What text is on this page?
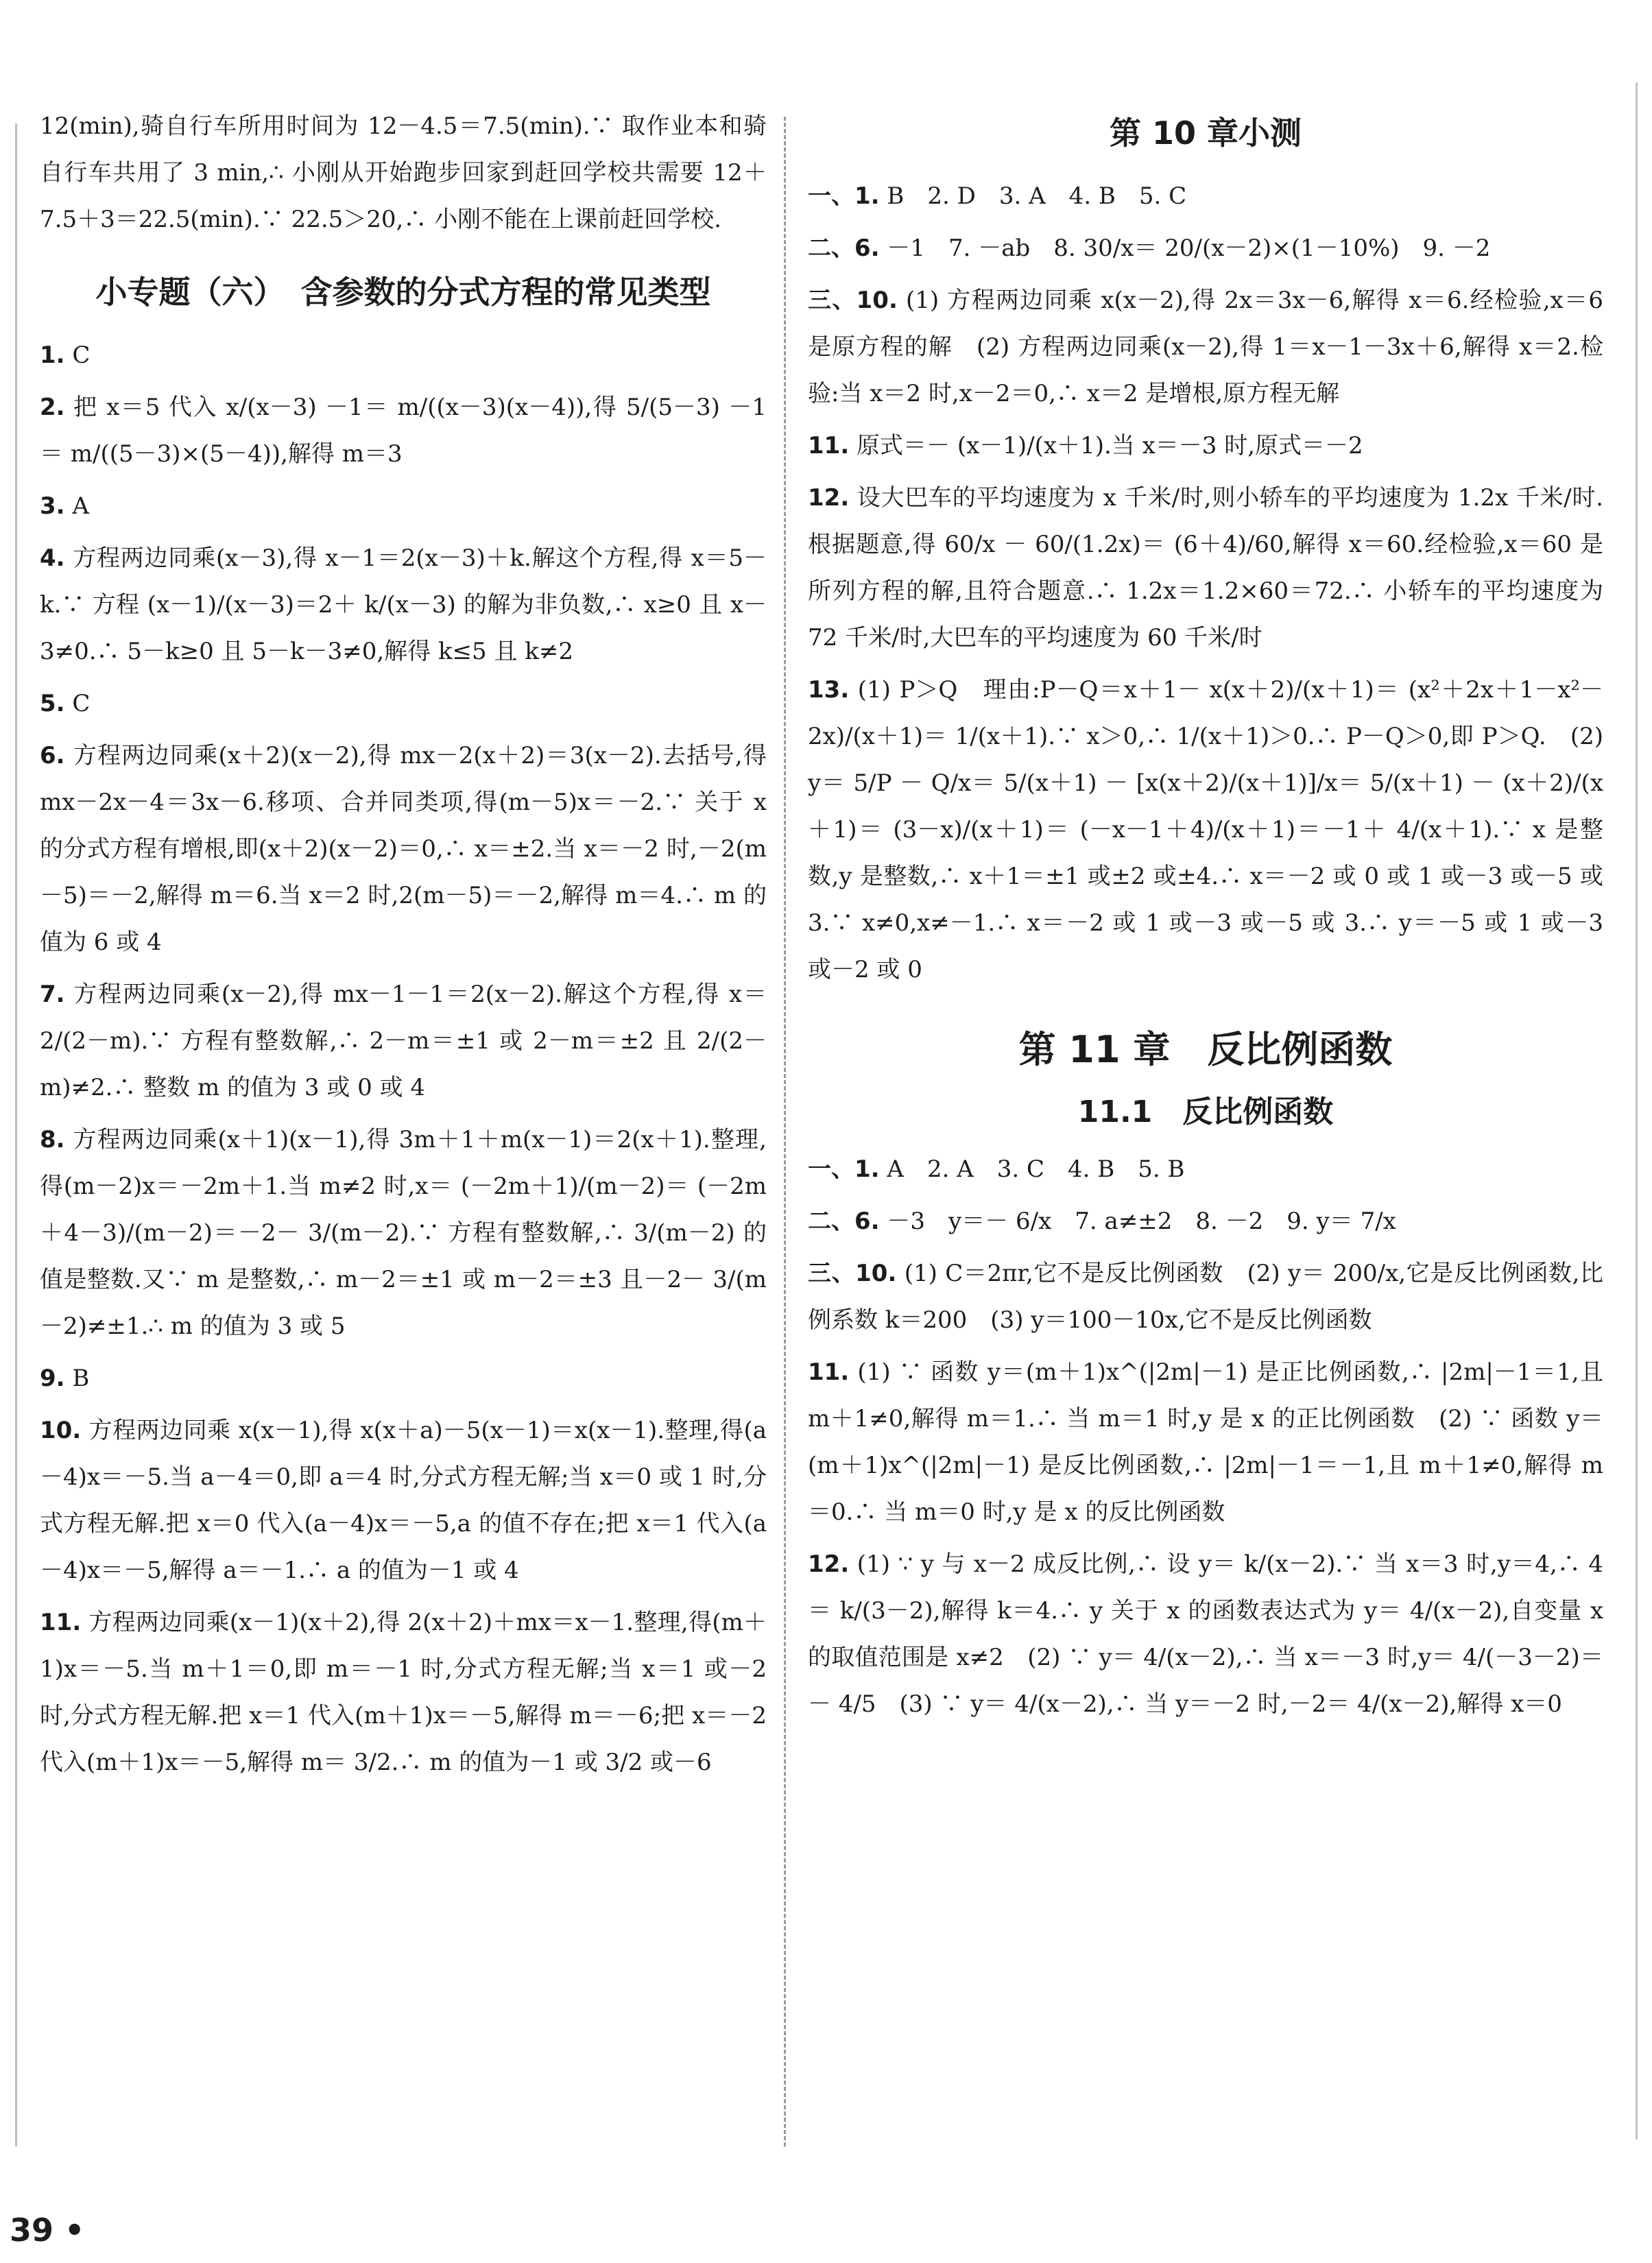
12(min),骑自行车所用时间为 12－4.5＝7.5(min).∵ 取作业本和骑自行车共用了 3 min,∴ 小刚从开始跑步回家到赶回学校共需要 12＋7.5＋3＝22.5(min).∵ 22.5＞20,∴ 小刚不能在上课前赶回学校.

小专题（六）　含参数的分式方程的常见类型

1. C

2. 把 x＝5 代入 x/(x－3) －1＝ m/((x－3)(x－4)),得 5/(5－3) －1＝ m/((5－3)×(5－4)),解得 m＝3

3. A

4. 方程两边同乘(x－3),得 x－1＝2(x－3)＋k.解这个方程,得 x＝5－k.∵ 方程 (x－1)/(x－3)＝2＋ k/(x－3) 的解为非负数,∴ x≥0 且 x－3≠0.∴ 5－k≥0 且 5－k－3≠0,解得 k≤5 且 k≠2

5. C

6. 方程两边同乘(x＋2)(x－2),得 mx－2(x＋2)＝3(x－2).去括号,得 mx－2x－4＝3x－6.移项、合并同类项,得(m－5)x＝－2.∵ 关于 x 的分式方程有增根,即(x＋2)(x－2)＝0,∴ x＝±2.当 x＝－2 时,－2(m－5)＝－2,解得 m＝6.当 x＝2 时,2(m－5)＝－2,解得 m＝4.∴ m 的值为 6 或 4

7. 方程两边同乘(x－2),得 mx－1－1＝2(x－2).解这个方程,得 x＝ 2/(2－m).∵ 方程有整数解,∴ 2－m＝±1 或 2－m＝±2 且 2/(2－m)≠2.∴ 整数 m 的值为 3 或 0 或 4

8. 方程两边同乘(x＋1)(x－1),得 3m＋1＋m(x－1)＝2(x＋1).整理,得(m－2)x＝－2m＋1.当 m≠2 时,x＝ (－2m＋1)/(m－2)＝ (－2m＋4－3)/(m－2)＝－2－ 3/(m－2).∵ 方程有整数解,∴ 3/(m－2) 的值是整数.又∵ m 是整数,∴ m－2＝±1 或 m－2＝±3 且－2－ 3/(m－2)≠±1.∴ m 的值为 3 或 5

9. B

10. 方程两边同乘 x(x－1),得 x(x＋a)－5(x－1)＝x(x－1).整理,得(a－4)x＝－5.当 a－4＝0,即 a＝4 时,分式方程无解;当 x＝0 或 1 时,分式方程无解.把 x＝0 代入(a－4)x＝－5,a 的值不存在;把 x＝1 代入(a－4)x＝－5,解得 a＝－1.∴ a 的值为－1 或 4

11. 方程两边同乘(x－1)(x＋2),得 2(x＋2)＋mx＝x－1.整理,得(m＋1)x＝－5.当 m＋1＝0,即 m＝－1 时,分式方程无解;当 x＝1 或－2 时,分式方程无解.把 x＝1 代入(m＋1)x＝－5,解得 m＝－6;把 x＝－2 代入(m＋1)x＝－5,解得 m＝ 3/2.∴ m 的值为－1 或 3/2 或－6

第 10 章小测

一、1. B　2. D　3. A　4. B　5. C

二、6. －1　7. －ab　8. 30/x＝ 20/(x－2)×(1－10%)　9. －2

三、10. (1) 方程两边同乘 x(x－2),得 2x＝3x－6,解得 x＝6.经检验,x＝6 是原方程的解　(2) 方程两边同乘(x－2),得 1＝x－1－3x＋6,解得 x＝2.检验:当 x＝2 时,x－2＝0,∴ x＝2 是增根,原方程无解

11. 原式＝－ (x－1)/(x＋1).当 x＝－3 时,原式＝－2

12. 设大巴车的平均速度为 x 千米/时,则小轿车的平均速度为 1.2x 千米/时.根据题意,得 60/x － 60/(1.2x)＝ (6＋4)/60,解得 x＝60.经检验,x＝60 是所列方程的解,且符合题意.∴ 1.2x＝1.2×60＝72.∴ 小轿车的平均速度为 72 千米/时,大巴车的平均速度为 60 千米/时

13. (1) P＞Q　理由:P－Q＝x＋1－ x(x＋2)/(x＋1)＝ (x²＋2x＋1－x²－2x)/(x＋1)＝ 1/(x＋1).∵ x＞0,∴ 1/(x＋1)＞0.∴ P－Q＞0,即 P＞Q.　(2) y＝ 5/P － Q/x＝ 5/(x＋1) － [x(x＋2)/(x＋1)]/x＝ 5/(x＋1) － (x＋2)/(x＋1)＝ (3－x)/(x＋1)＝ (－x－1＋4)/(x＋1)＝－1＋ 4/(x＋1).∵ x 是整数,y 是整数,∴ x＋1＝±1 或±2 或±4.∴ x＝－2 或 0 或 1 或－3 或－5 或 3.∵ x≠0,x≠－1.∴ x＝－2 或 1 或－3 或－5 或 3.∴ y＝－5 或 1 或－3 或－2 或 0

第 11 章　反比例函数
11.1　反比例函数

一、1. A　2. A　3. C　4. B　5. B

二、6. －3　y＝－ 6/x　7. a≠±2　8. －2　9. y＝ 7/x

三、10. (1) C＝2πr,它不是反比例函数　(2) y＝ 200/x,它是反比例函数,比例系数 k＝200　(3) y＝100－10x,它不是反比例函数

11. (1) ∵ 函数 y＝(m＋1)x^(|2m|－1) 是正比例函数,∴ |2m|－1＝1,且 m＋1≠0,解得 m＝1.∴ 当 m＝1 时,y 是 x 的正比例函数　(2) ∵ 函数 y＝(m＋1)x^(|2m|－1) 是反比例函数,∴ |2m|－1＝－1,且 m＋1≠0,解得 m＝0.∴ 当 m＝0 时,y 是 x 的反比例函数

12. (1) ∵ y 与 x－2 成反比例,∴ 设 y＝ k/(x－2).∵ 当 x＝3 时,y＝4,∴ 4＝ k/(3－2),解得 k＝4.∴ y 关于 x 的函数表达式为 y＝ 4/(x－2),自变量 x 的取值范围是 x≠2　(2) ∵ y＝ 4/(x－2),∴ 当 x＝－3 时,y＝ 4/(－3－2)＝－ 4/5　(3) ∵ y＝ 4/(x－2),∴ 当 y＝－2 时,－2＝ 4/(x－2),解得 x＝0

39 •
